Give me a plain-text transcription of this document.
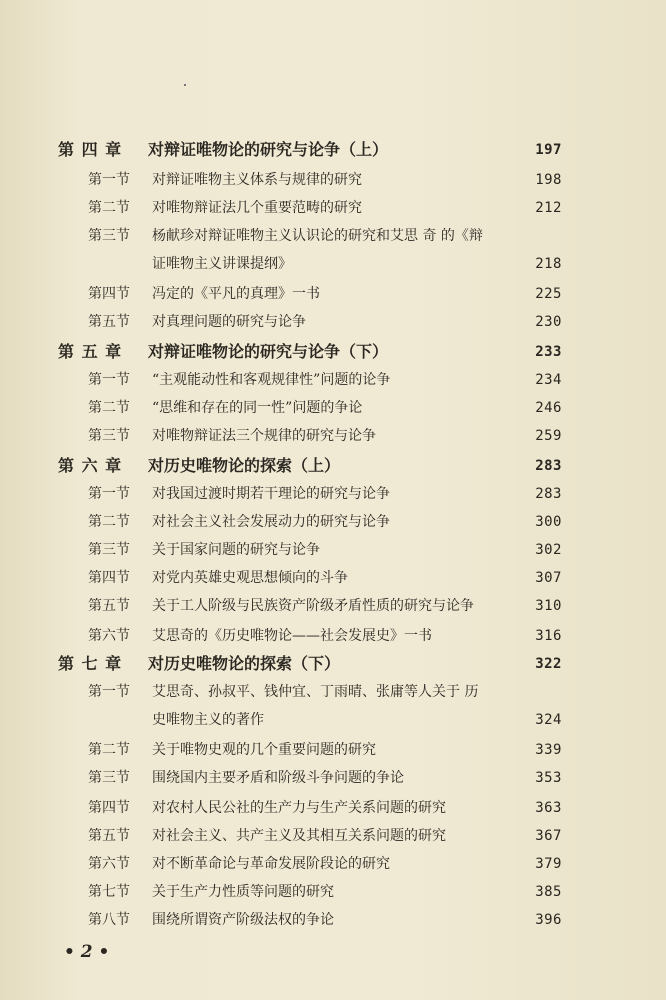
第 四 章 对辩证唯物论的研究与论争（上）	197
第一节 对辩证唯物主义体系与规律的研究	198
第二节 对唯物辩证法几个重要范畴的研究	212
第三节 杨献珍对辩证唯物主义认识论的研究和艾思 奇 的《辩
证唯物主义讲课提纲》	218
第四节 冯定的《平凡的真理》一书	225
第五节 对真理问题的研究与论争	230
第 五 章 对辩证唯物论的研究与论争（下）	233
第一节 “主观能动性和客观规律性”问题的论争	234
第二节 “思维和存在的同一性”问题的争论	246
第三节 对唯物辩证法三个规律的研究与论争	259
第 六 章 对历史唯物论的探索（上）	283
第一节 对我国过渡时期若干理论的研究与论争	283
第二节 对社会主义社会发展动力的研究与论争	300
第三节 关于国家问题的研究与论争	302
第四节 对党内英雄史观思想倾向的斗争	307
第五节 关于工人阶级与民族资产阶级矛盾性质的研究与论争	310
第六节 艾思奇的《历史唯物论——社会发展史》一书	316
第 七 章 对历史唯物论的探索（下）	322
第一节 艾思奇、孙叔平、钱仲宜、丁雨晴、张庸等人关于 历
史唯物主义的著作	324
第二节 关于唯物史观的几个重要问题的研究	339
第三节 围绕国内主要矛盾和阶级斗争问题的争论	353
第四节 对农村人民公社的生产力与生产关系问题的研究	363
第五节 对社会主义、共产主义及其相互关系问题的研究	367
第六节 对不断革命论与革命发展阶段论的研究	379
第七节 关于生产力性质等问题的研究	385
第八节 围绕所谓资产阶级法权的争论	396
• 2 •
